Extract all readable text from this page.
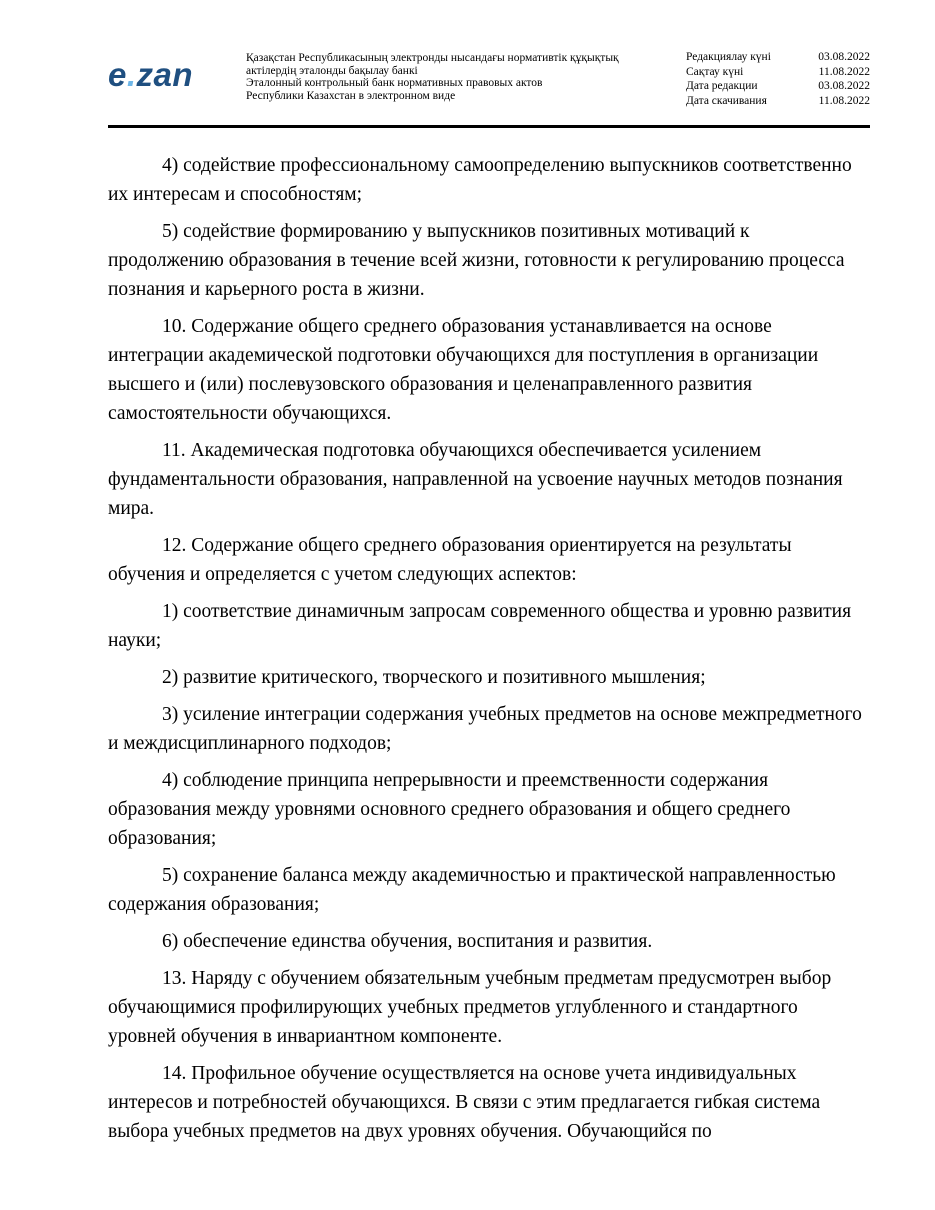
e.zan	Қазақстан Республикасының электронды нысандағы нормативтік құқықтық
актілердің эталонды бақылау банкі
Эталонный контрольный банк нормативных правовых актов
Республики Казахстан в электронном виде
Редакциялау күні	03.08.2022
Сақтау күні	11.08.2022
Дата редакции	03.08.2022
Дата скачивания	11.08.2022

4) содействие профессиональному самоопределению выпускников соответственно их интересам и способностям;

5) содействие формированию у выпускников позитивных мотиваций к продолжению образования в течение всей жизни, готовности к регулированию процесса познания и карьерного роста в жизни.

10. Содержание общего среднего образования устанавливается на основе интеграции академической подготовки обучающихся для поступления в организации высшего и (или) послевузовского образования и целенаправленного развития самостоятельности обучающихся.

11. Академическая подготовка обучающихся обеспечивается усилением фундаментальности образования, направленной на усвоение научных методов познания мира.

12. Содержание общего среднего образования ориентируется на результаты обучения и определяется с учетом следующих аспектов:

1) соответствие динамичным запросам современного общества и уровню развития науки;

2) развитие критического, творческого и позитивного мышления;

3) усиление интеграции содержания учебных предметов на основе межпредметного и междисциплинарного подходов;

4) соблюдение принципа непрерывности и преемственности содержания образования между уровнями основного среднего образования и общего среднего образования;

5) сохранение баланса между академичностью и практической направленностью содержания образования;

6) обеспечение единства обучения, воспитания и развития.

13. Наряду с обучением обязательным учебным предметам предусмотрен выбор обучающимися профилирующих учебных предметов углубленного и стандартного уровней обучения в инвариантном компоненте.

14. Профильное обучение осуществляется на основе учета индивидуальных интересов и потребностей обучающихся. В связи с этим предлагается гибкая система выбора учебных предметов на двух уровнях обучения. Обучающийся по
